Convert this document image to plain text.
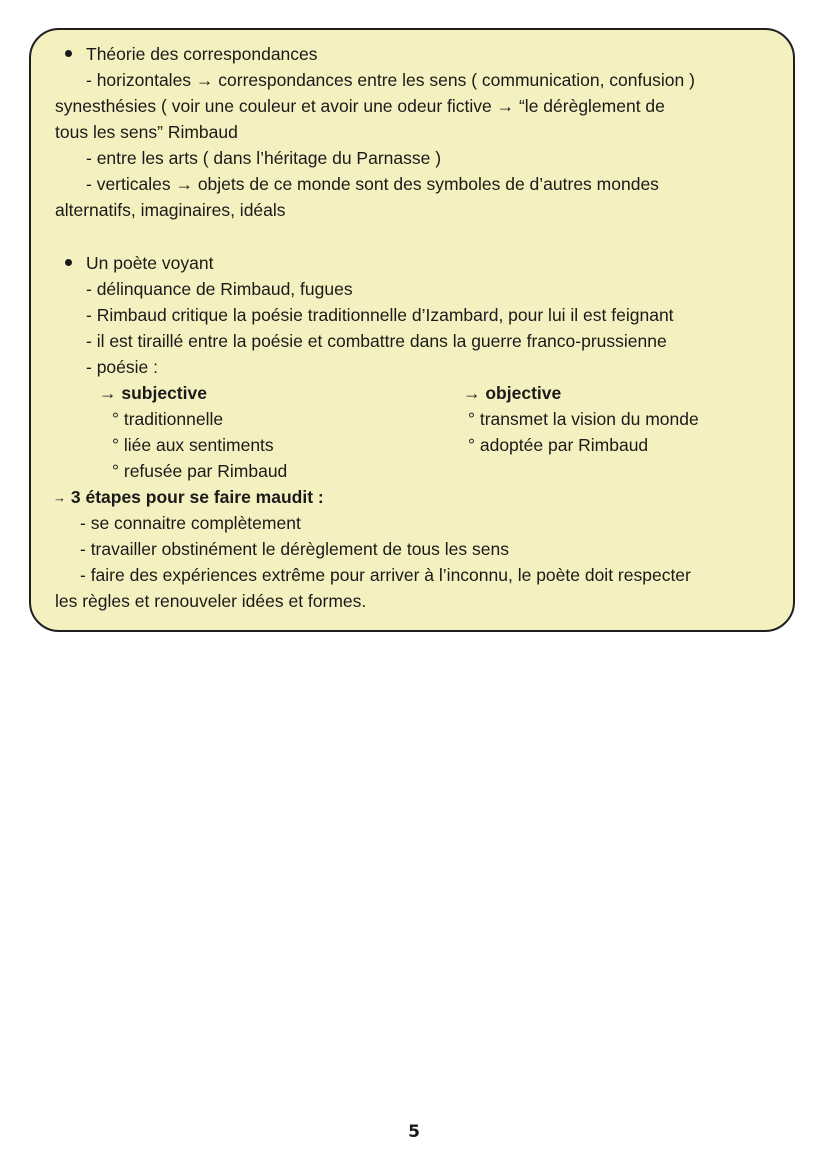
Théorie des correspondances
- horizontales → correspondances entre les sens ( communication, confusion )
synesthésies ( voir une couleur et avoir une odeur fictive → “le dérèglement de
tous les sens” Rimbaud
- entre les arts ( dans l’héritage du Parnasse )
- verticales → objets de ce monde sont des symboles de d’autres mondes
alternatifs, imaginaires, idéals
Un poète voyant
- délinquance de Rimbaud, fugues
- Rimbaud critique la poésie traditionnelle d’Izambard, pour lui il est feignant
- il est tiraillé entre la poésie et combattre dans la guerre franco-prussienne
- poésie :
→ subjective
° traditionnelle
° liée aux sentiments
° refusée par Rimbaud
→ objective
° transmet la vision du monde
° adoptée par Rimbaud
→ 3 étapes pour se faire maudit :
- se connaitre complètement
- travailler obstinément le dérèglement de tous les sens
- faire des expériences extrême pour arriver à l’inconnu, le poète doit respecter
les règles et renouveler idées et formes.
5
